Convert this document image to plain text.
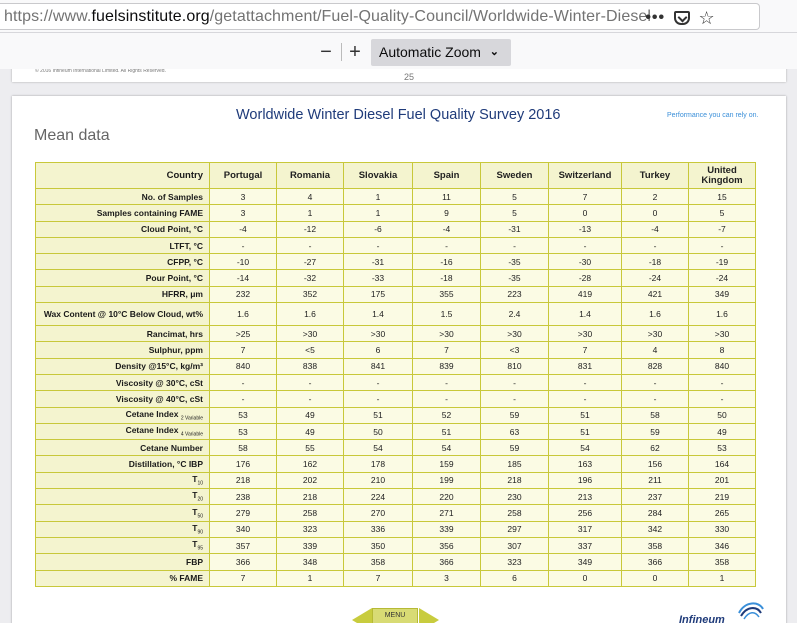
https://www.fuelsinstitute.org/getattachment/Fuel-Quality-Council/Worldwide-Winter-Diesel
••• ☆
− +	Automatic Zoom ⌄
© 2016 Infineum International Limited. All Rights Reserved.
25
Worldwide Winter Diesel Fuel Quality Survey 2016	Performance you can rely on.
Mean data
Country	Portugal	Romania	Slovakia	Spain	Sweden	Switzerland	Turkey	United Kingdom
No. of Samples	3	4	1	11	5	7	2	15
Samples containing FAME	3	1	1	9	5	0	0	5
Cloud Point, °C	-4	-12	-6	-4	-31	-13	-4	-7
LTFT, °C	-	-	-	-	-	-	-	-
CFPP, °C	-10	-27	-31	-16	-35	-30	-18	-19
Pour Point, °C	-14	-32	-33	-18	-35	-28	-24	-24
HFRR, μm	232	352	175	355	223	419	421	349
Wax Content @ 10°C Below Cloud, wt%	1.6	1.6	1.4	1.5	2.4	1.4	1.6	1.6
Rancimat, hrs	>25	>30	>30	>30	>30	>30	>30	>30
Sulphur, ppm	7	<5	6	7	<3	7	4	8
Density @15°C, kg/m³	840	838	841	839	810	831	828	840
Viscosity @ 30°C, cSt	-	-	-	-	-	-	-	-
Viscosity @ 40°C, cSt	-	-	-	-	-	-	-	-
Cetane Index $_{2 Variable}$	53	49	51	52	59	51	58	50
Cetane Index $_{4 Variable}$	53	49	50	51	63	51	59	49
Cetane Number	58	55	54	54	59	54	62	53
Distillation, °C IBP	176	162	178	159	185	163	156	164
$T_{10}$	218	202	210	199	218	196	211	201
$T_{20}$	238	218	224	220	230	213	237	219
$T_{50}$	279	258	270	271	258	256	284	265
$T_{90}$	340	323	336	339	297	317	342	330
$T_{95}$	357	339	350	356	307	337	358	346
FBP	366	348	358	366	323	349	366	358
% FAME	7	1	7	3	6	0	0	1
MENU	Infineum
